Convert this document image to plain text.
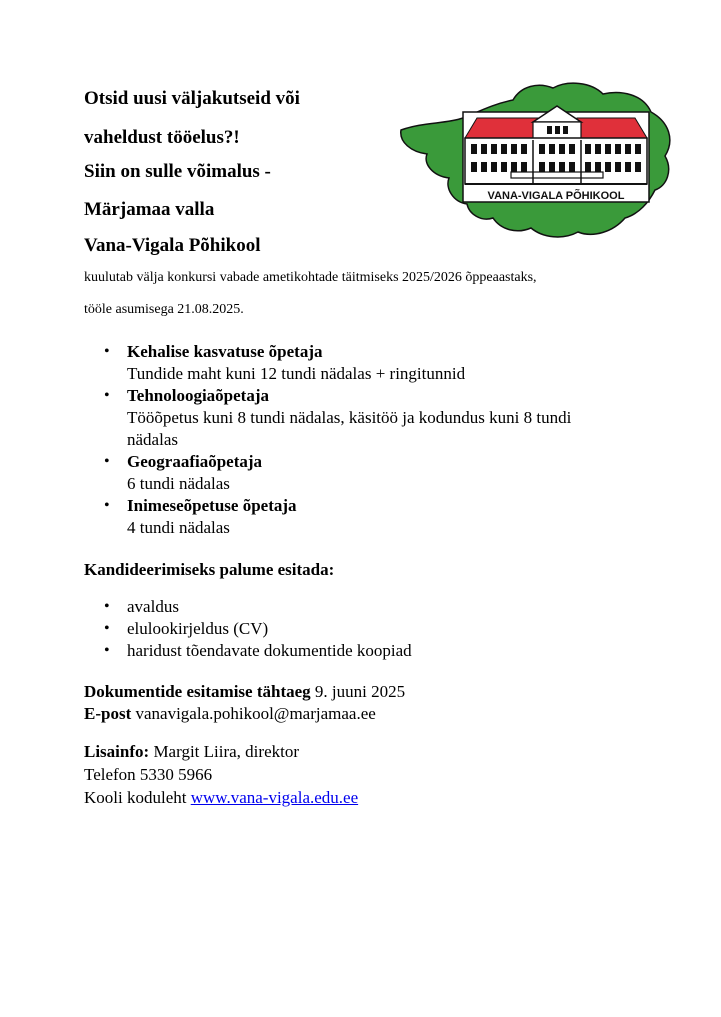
Otsid uusi väljakutseid või
vaheldust tööelus?!
Siin on sulle võimalus -
Märjamaa valla
Vana-Vigala Põhikool
VANA-VIGALA PÕHIKOOL
kuulutab välja konkursi vabade ametikohtade täitmiseks 2025/2026 õppeaastaks,
tööle asumisega 21.08.2025.
• Kehalise kasvatuse õpetaja
Tundide maht kuni 12 tundi nädalas + ringitunnid
• Tehnoloogiaõpetaja
Tööõpetus kuni 8 tundi nädalas, käsitöö ja kodundus kuni 8 tundi nädalas
• Geograafiaõpetaja
6 tundi nädalas
• Inimeseõpetuse õpetaja
4 tundi nädalas
Kandideerimiseks palume esitada:
• avaldus
• elulookirjeldus (CV)
• haridust tõendavate dokumentide koopiad
Dokumentide esitamise tähtaeg 9. juuni 2025
E-post vanavigala.pohikool@marjamaa.ee
Lisainfo: Margit Liira, direktor
Telefon 5330 5966
Kooli koduleht www.vana-vigala.edu.ee
